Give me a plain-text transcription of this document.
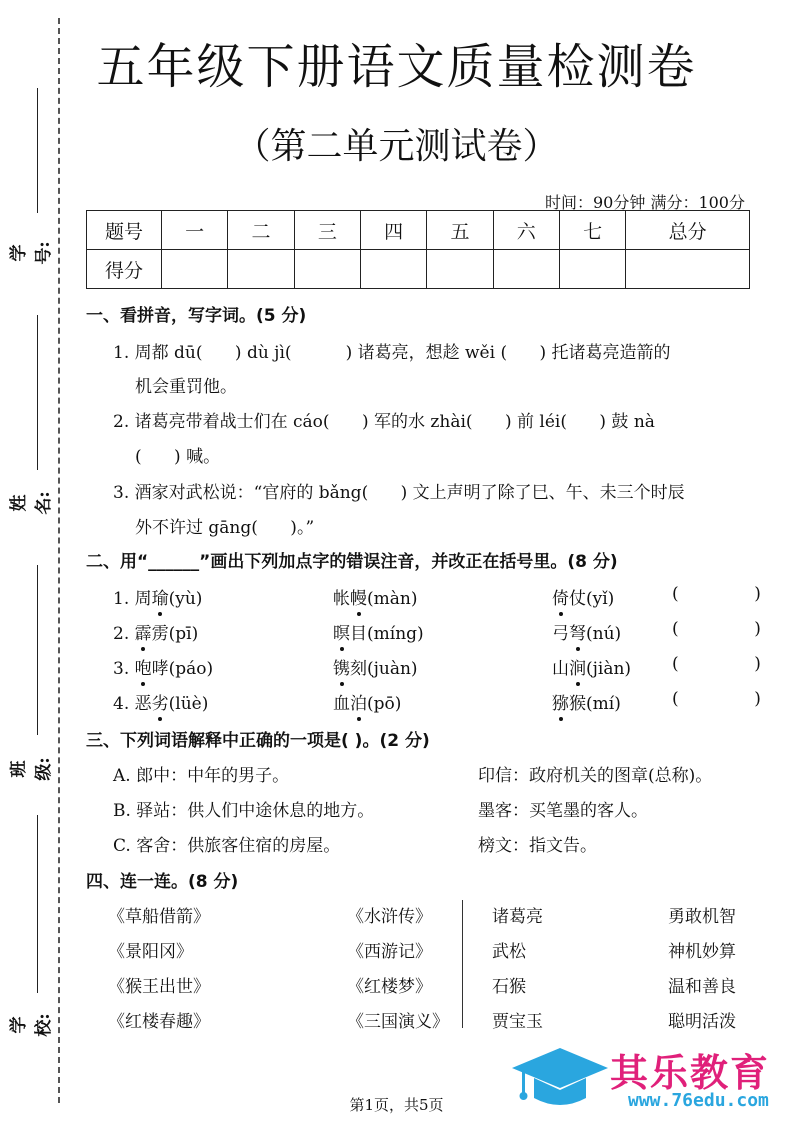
学号:
姓名:
班级:
学校:
五年级下册语文质量检测卷
（第二单元测试卷）
时间：90分钟 满分：100分
题号	一	二	三	四	五	六	七	总分
得分								
一、看拼音，写字词。(5 分)
1. 周都 dū(      ) dù jì(          ) 诸葛亮，想趁 wěi (      ) 托诸葛亮造箭的
机会重罚他。
2. 诸葛亮带着战士们在 cáo(      ) 军的水 zhài(      ) 前 léi(      ) 鼓 nà
(      ) 喊。
3. 酒家对武松说：“官府的 bǎng(      ) 文上声明了除了巳、午、未三个时辰
外不许过 gāng(      )。”
二、用“______”画出下列加点字的错误注音，并改正在括号里。(8 分)
1. 周瑜(yù)	帐幔(màn)	倚仗(yǐ)	(              )
2. 霹雳(pī)	暝目(míng)	弓弩(nú)	(              )
3. 咆哮(páo)	镌刻(juàn)	山涧(jiàn) (              )
4. 恶劣(lüè)	血泊(pō)	猕猴(mí)	(              )
三、下列词语解释中正确的一项是( )。(2 分)
A. 郎中：中年的男子。	印信：政府机关的图章(总称)。
B. 驿站：供人们中途休息的地方。	墨客：买笔墨的客人。
C. 客舍：供旅客住宿的房屋。	榜文：指文告。
四、连一连。(8 分)
《草船借箭》	《水浒传》	诸葛亮	勇敢机智
《景阳冈》	《西游记》	武松	神机妙算
《猴王出世》	《红楼梦》	石猴	温和善良
《红楼春趣》	《三国演义》	贾宝玉	聪明活泼
第1页，共5页
其乐教育
www.76edu.com
